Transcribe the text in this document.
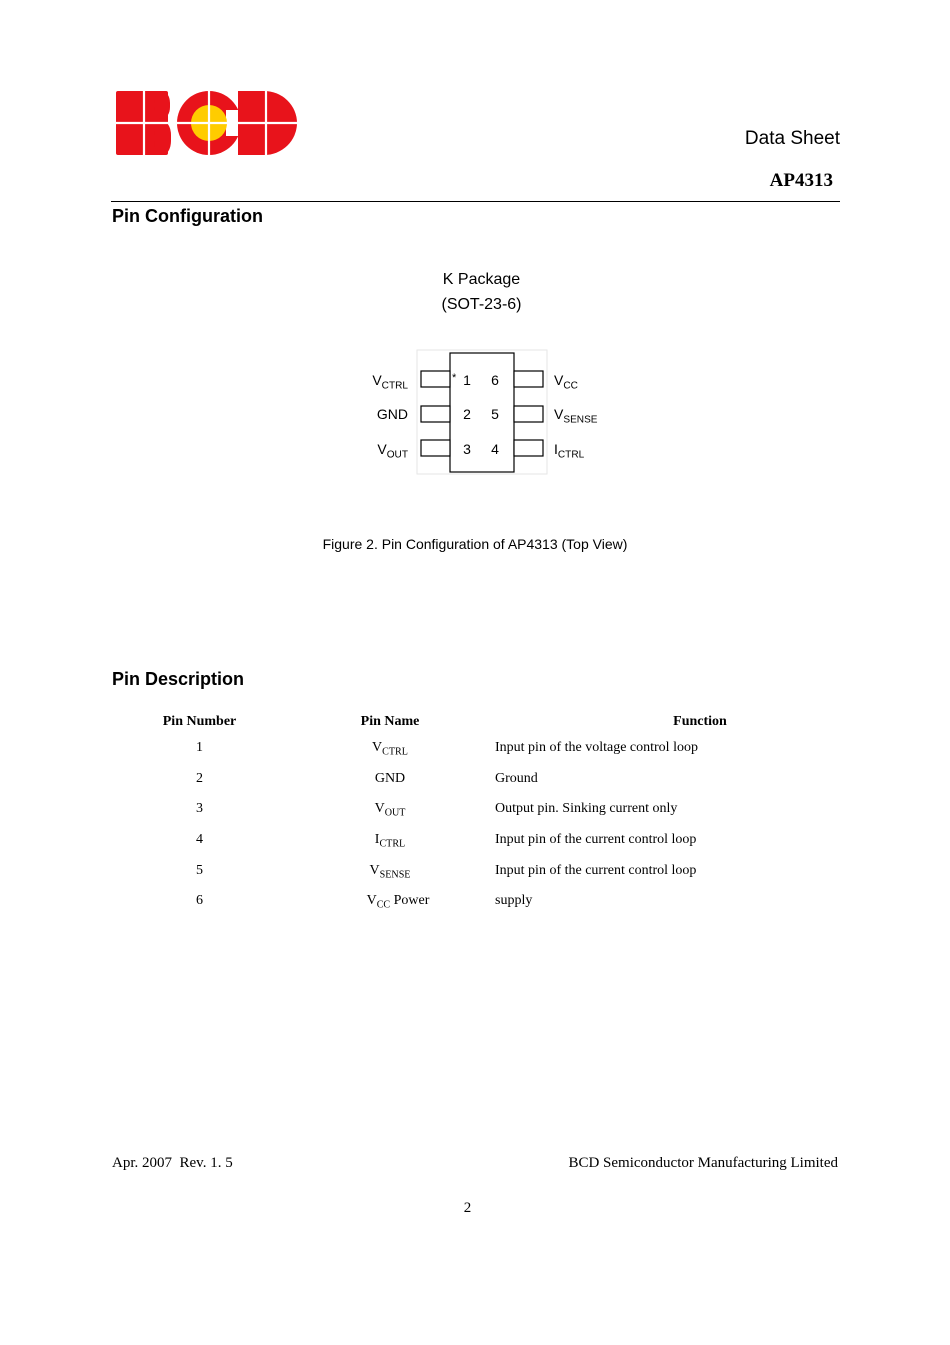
Data Sheet
AP4313
Pin Configuration
K Package
(SOT-23-6)
* 1
2
3
6
5
4
$V_{CTRL}$
GND
$V_{OUT}$
$V_{CC}$
$V_{SENSE}$
$I_{CTRL}$
Figure 2. Pin Configuration of AP4313 (Top View)
Pin Description
Pin Number	Pin Name	Function
1	$V_{CTRL}$	Input pin of the voltage control loop
2	GND	Ground
3	$V_{OUT}$	Output pin. Sinking current only
4	$I_{CTRL}$	Input pin of the current control loop
5	$V_{SENSE}$	Input pin of the current control loop
6	$V_{CC}$ Power	supply
Apr. 2007  Rev. 1. 5	BCD Semiconductor Manufacturing Limited
2
